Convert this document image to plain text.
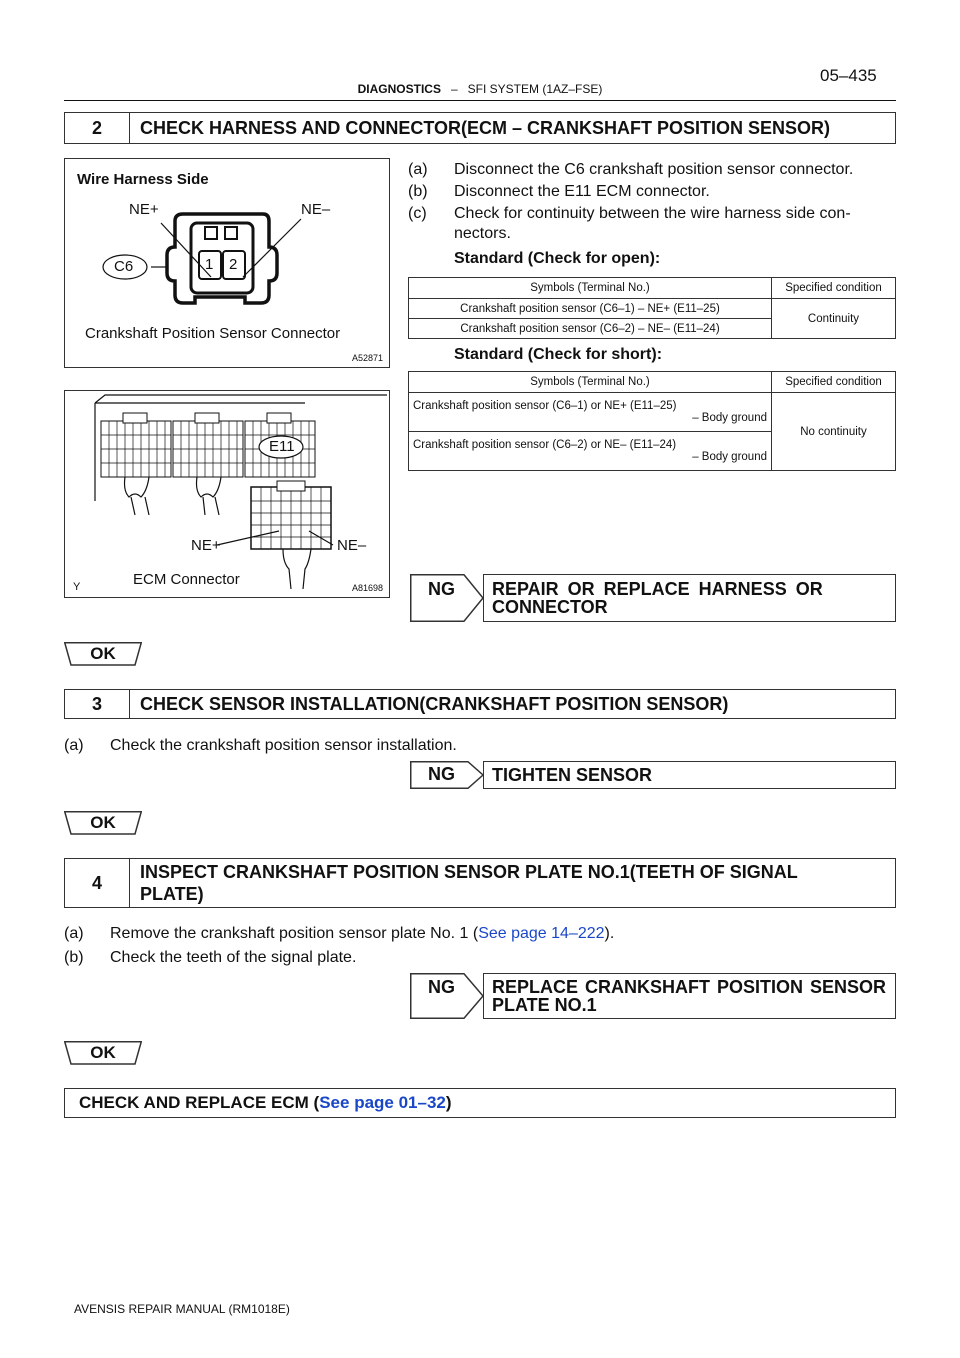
DIAGNOSTICS – SFI SYSTEM (1AZ–FSE)
05–435
2	CHECK HARNESS AND CONNECTOR(ECM – CRANKSHAFT POSITION SENSOR)
Wire Harness Side
NE+	NE–
C6	1 2
Crankshaft Position Sensor Connector
A52871
E11
NE+	NE–
ECM Connector
Y	A81698
(a) Disconnect the C6 crankshaft position sensor connector.
(b) Disconnect the E11 ECM connector.
(c) Check for continuity between the wire harness side con-
nectors.
Standard (Check for open):
Symbols (Terminal No.)	Specified condition
Crankshaft position sensor (C6–1) – NE+ (E11–25)	Continuity
Crankshaft position sensor (C6–2) – NE– (E11–24)	
Standard (Check for short):
Symbols (Terminal No.)	Specified condition

Crankshaft position sensor (C6–1) or NE+ (E11–25)
– Body ground	No continuity

Crankshaft position sensor (C6–2) or NE– (E11–24)
– Body ground	
NG REPAIR OR REPLACE HARNESS OR
CONNECTOR
OK
3	CHECK SENSOR INSTALLATION(CRANKSHAFT POSITION SENSOR)
(a) Check the crankshaft position sensor installation.
NG	TIGHTEN SENSOR
OK
4
INSPECT CRANKSHAFT POSITION SENSOR PLATE NO.1(TEETH OF SIGNAL
PLATE)
(a) Remove the crankshaft position sensor plate No. 1 (See page 14–222).
(b) Check the teeth of the signal plate.
NG REPLACE CRANKSHAFT POSITION SENSOR
PLATE NO.1
OK
CHECK AND REPLACE ECM ( See page 01–32 )
AVENSIS REPAIR MANUAL (RM1018E)
